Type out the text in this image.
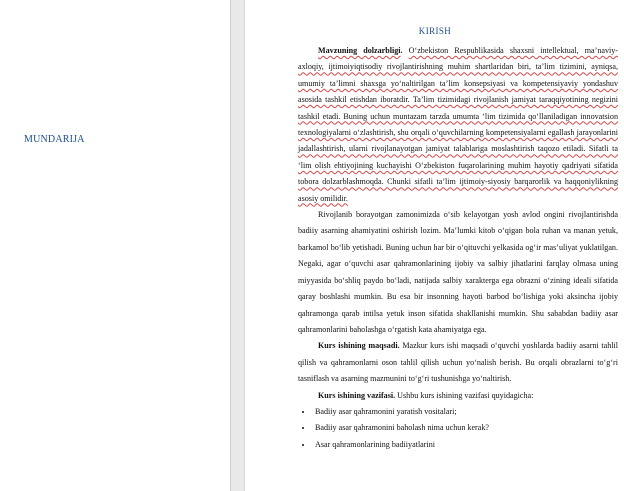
MUNDARIJA
KIRISH

Mavzuning dolzarbligi. O‘zbekiston Respublikasida shaxsni intellektual, ma’naviy-axloqiy, ijtimoiyiqtisodiy rivojlantirishning muhim shartlaridan biri, ta’lim tizimini, ayniqsa, umumiy ta’limni shaxsga yo‘naltirilgan ta’lim konsepsiyasi va kompetensiyaviy yondashuv asosida tashkil etishdan iboratdir. Ta’lim tizimidagi rivojlanish jamiyat taraqqiyotining negizini tashkil etadi. Buning uchun muntazam tarzda umumta ‘lim tizimida qo‘llaniladigan innovatsion texnologiyalarni o‘zlashtirish, shu orqali o‘quvchilarning kompetensiyalarni egallash jarayonlarini jadallashtirish, ularni rivojlanayotgan jamiyat talablariga moslashtirish taqozo etiladi. Sifatli ta ‘lim olish ehtiyojining kuchayishi O‘zbekiston fuqarolarining muhim hayotiy qadriyati sifatida tobora dolzarblashmoqda. Chunki sifatli ta’lim ijtimoiy-siyosiy barqarorlik va haqqoniylikning asosiy omilidir.

Rivojlanib borayotgan zamonimizda o‘sib kelayotgan yosh avlod ongini rivojlantirishda badiiy asarning ahamiyatini oshirish lozim. Ma’lumki kitob o‘qigan bola ruhan va manan yetuk, barkamol bo‘lib yetishadi. Buning uchun har bir o‘qituvchi yelkasida og‘ir mas’uliyat yuklatilgan. Negaki, agar o‘quvchi asar qahramonlarining ijobiy va salbiy jihatlarini farqlay olmasa uning miyyasida bo‘shliq paydo bo‘ladi, natijada salbiy xarakterga ega obrazni o‘zining ideali sifatida qaray boshlashi mumkin. Bu esa bir insonning hayoti barbod bo‘lishiga yoki aksincha ijobiy qahramonga qarab intilsa yetuk inson sifatida shakllanishi mumkin. Shu sababdan badiiy asar qahramonlarini baholashga o‘rgatish kata ahamiyatga ega.

Kurs ishining maqsadi. Mazkur kurs ishi maqsadi o‘quvchi yoshlarda badiiy asarni tahlil qilish va qahramonlarni oson tahlil qilish uchun yo‘nalish berish. Bu orqali obrazlarni to‘g‘ri tasniflash va asarning mazmunini to‘g‘ri tushunishga yo‘naltirish.

Kurs ishining vazifasi. Ushbu kurs ishining vazifasi quyidagicha:

• Badiiy asar qahramonini yaratish vositalari;
• Badiiy asar qahramonini baholash nima uchun kerak?
• Asar qahramonlarining badiiyatlarini
